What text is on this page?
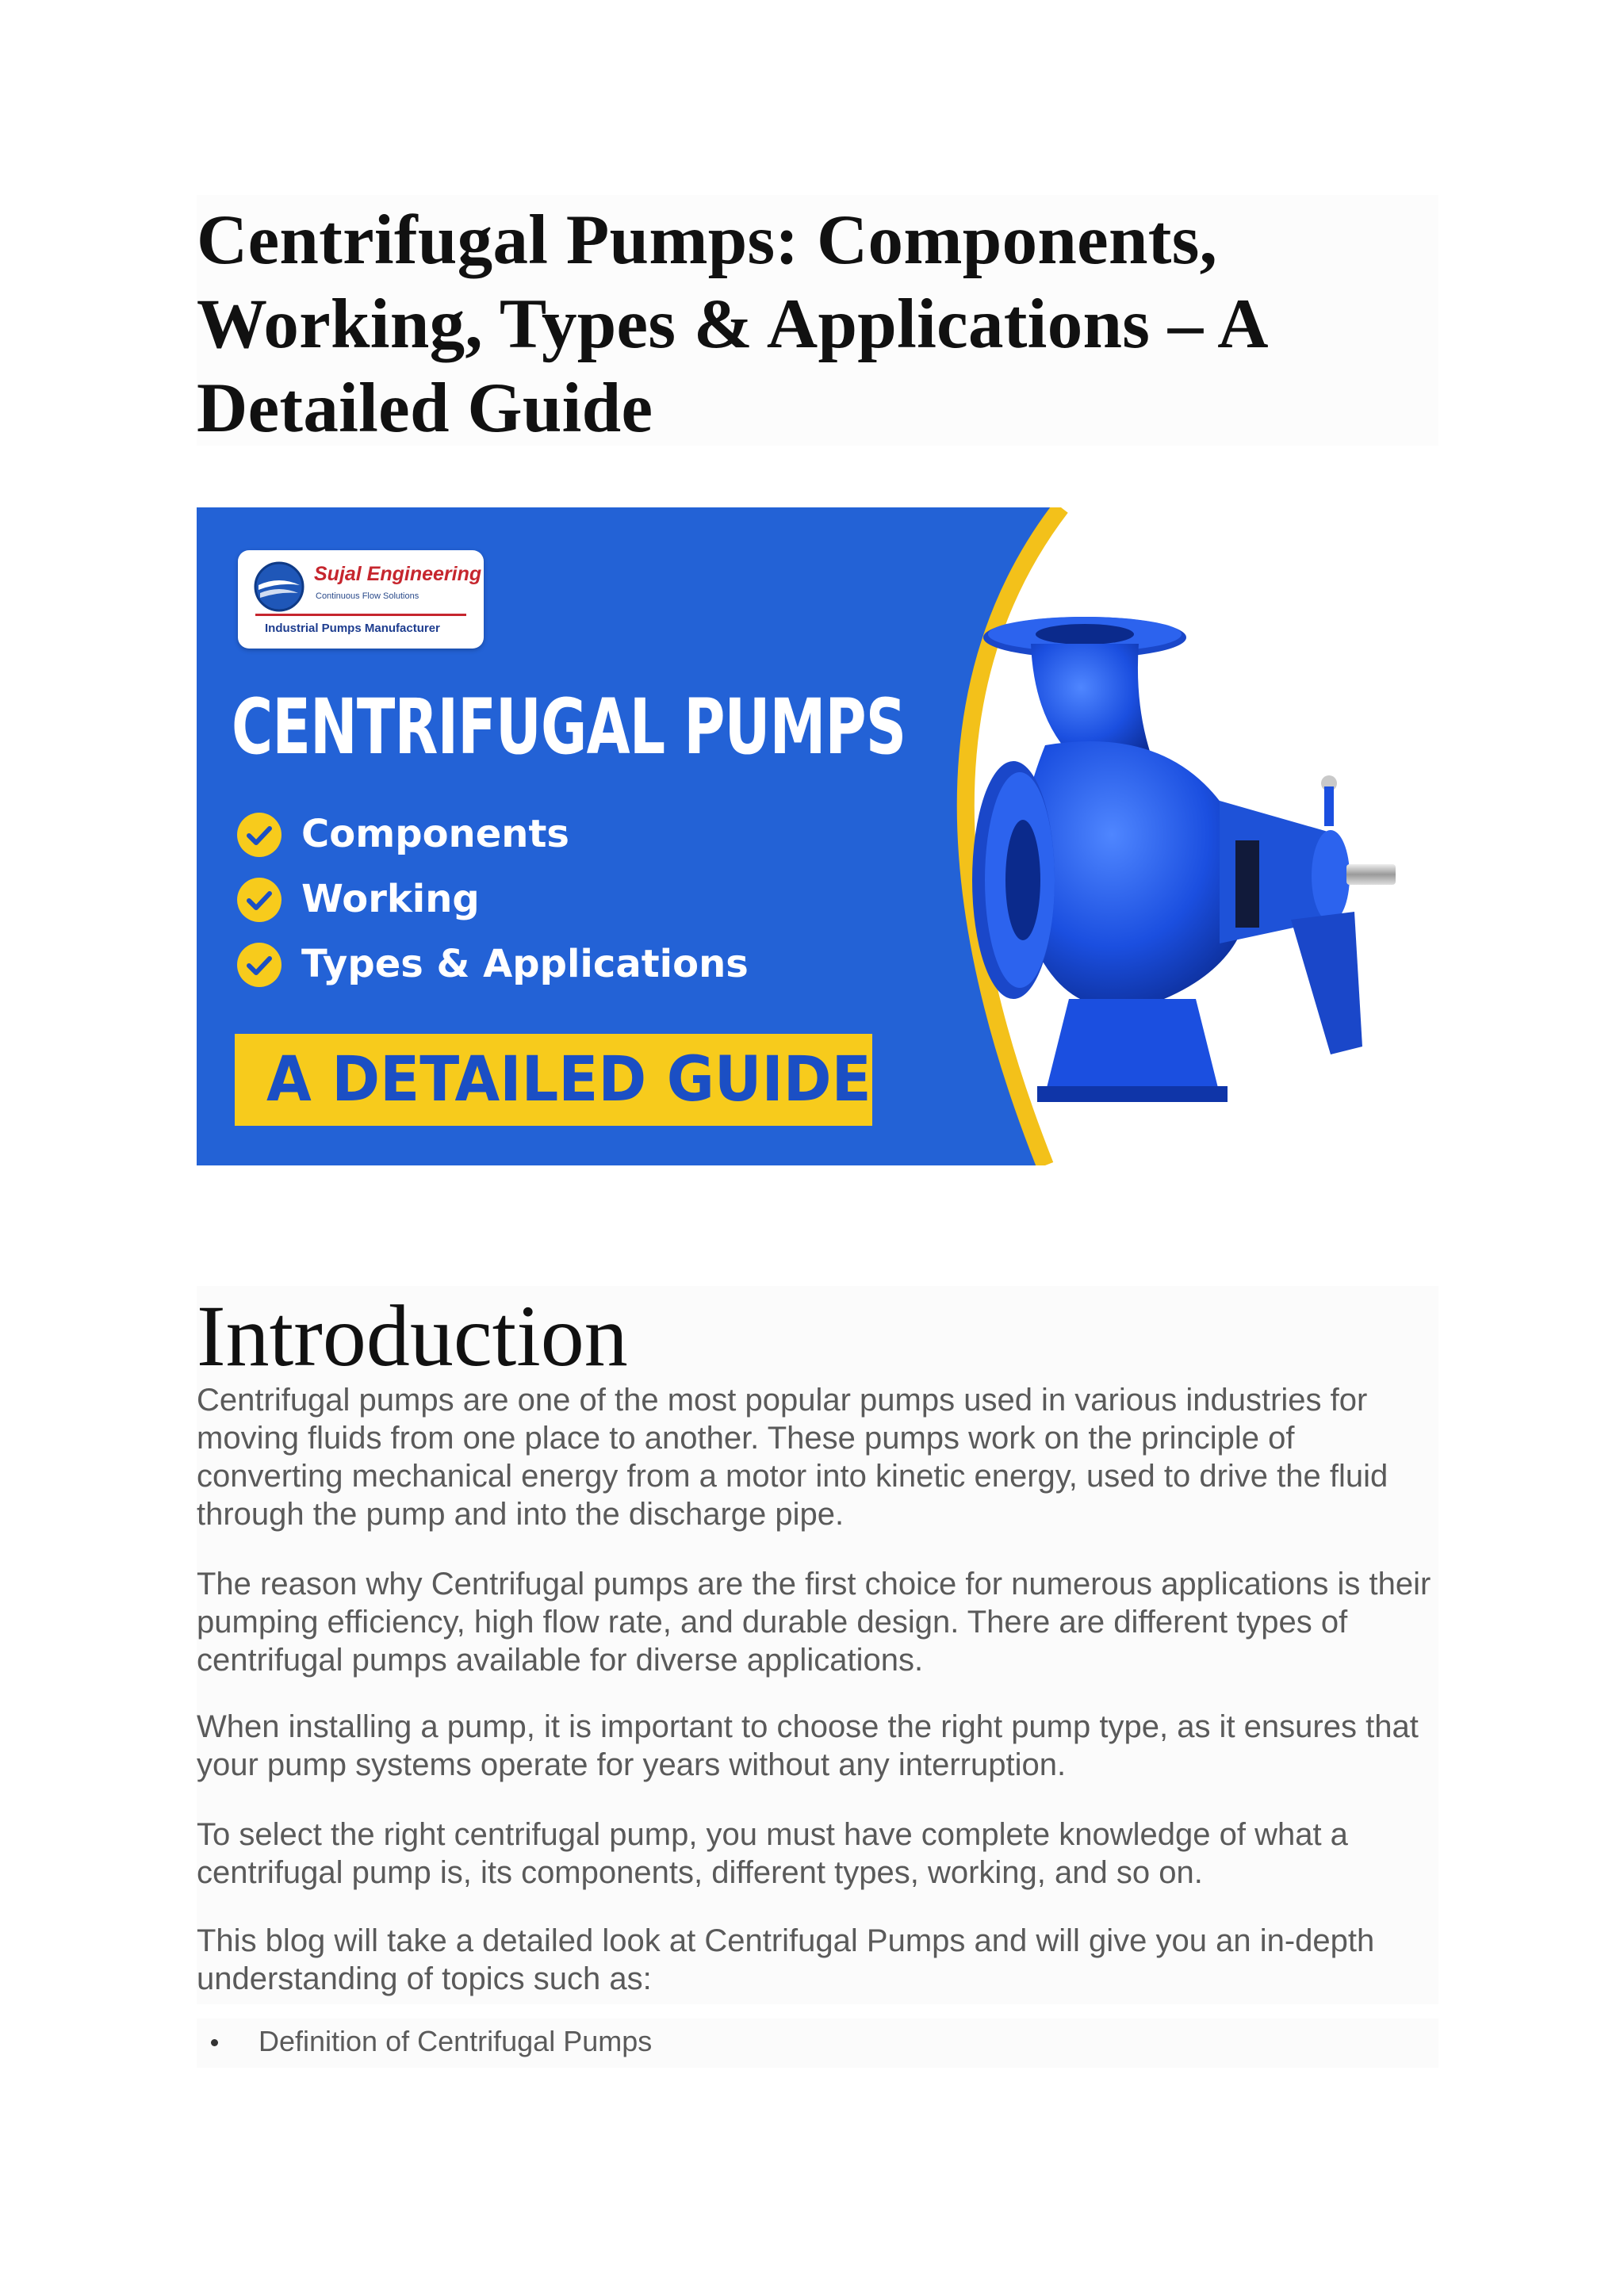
Centrifugal Pumps: Components, Working, Types & Applications – A Detailed Guide
Sujal Engineering
Continuous Flow Solutions
Industrial Pumps Manufacturer
CENTRIFUGAL PUMPS
Components
Working
Types & Applications
A DETAILED GUIDE
Introduction

Centrifugal pumps are one of the most popular pumps used in various industries for moving fluids from one place to another. These pumps work on the principle of converting mechanical energy from a motor into kinetic energy, used to drive the fluid through the pump and into the discharge pipe.

The reason why Centrifugal pumps are the first choice for numerous applications is their pumping efficiency, high flow rate, and durable design. There are different types of centrifugal pumps available for diverse applications.

When installing a pump, it is important to choose the right pump type, as it ensures that your pump systems operate for years without any interruption.

To select the right centrifugal pump, you must have complete knowledge of what a centrifugal pump is, its components, different types, working, and so on.

This blog will take a detailed look at Centrifugal Pumps and will give you an in-depth understanding of topics such as:

Definition of Centrifugal Pumps
